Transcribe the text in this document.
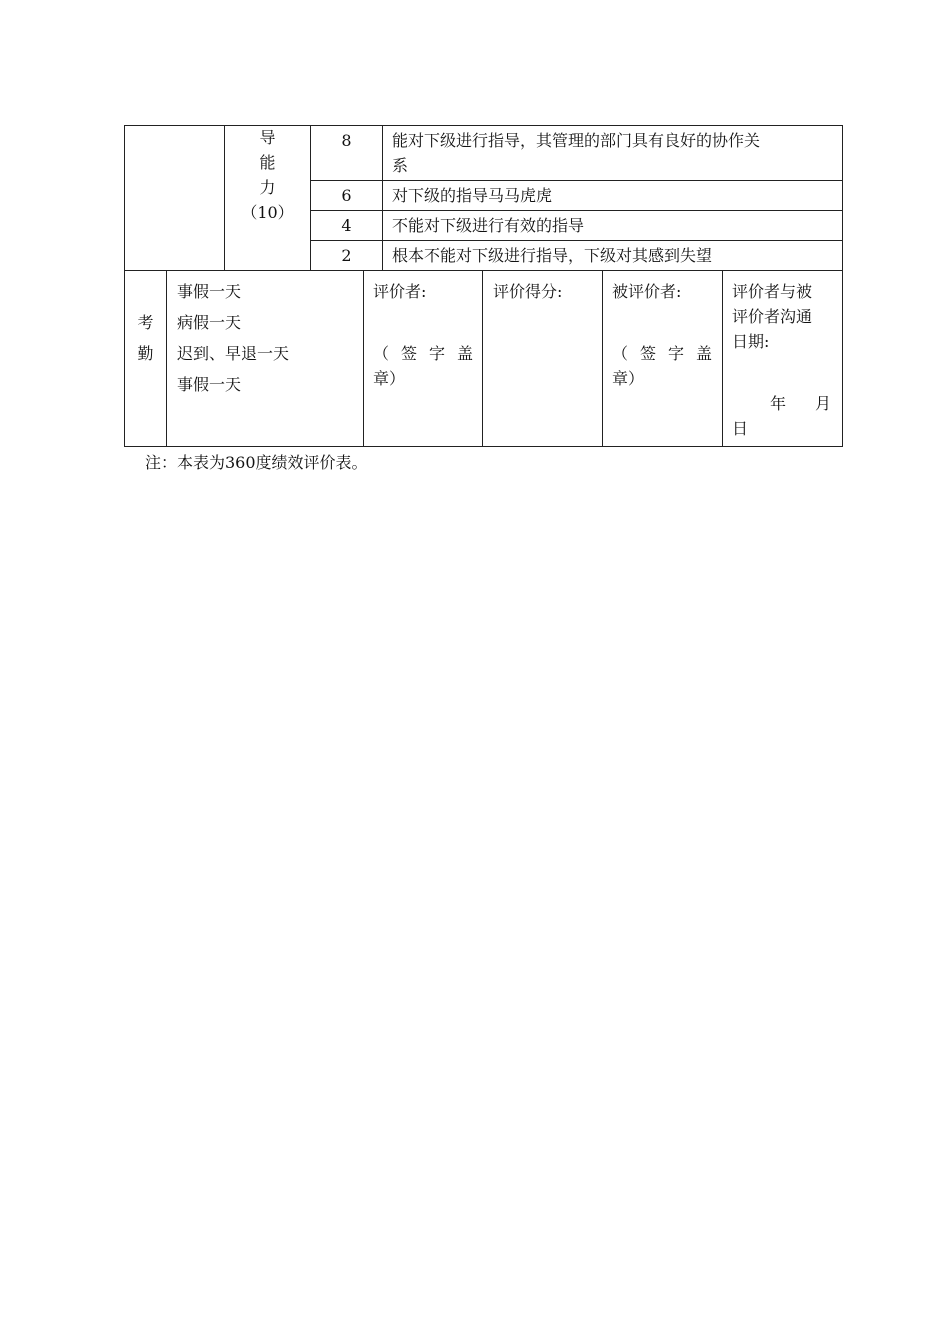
导
能
力
（10）
8
6
4
2
能对下级进行指导，其管理的部门具有良好的协作关
系
对下级的指导马马虎虎
不能对下级进行有效的指导
根本不能对下级进行指导，下级对其感到失望
考
勤
事假一天
病假一天
迟到、早退一天
事假一天
评价者:
（ 签 字 盖
章）
评价得分:	被评价者:
（ 签 字 盖
章）
评价者与被
评价者沟通
日期:
年 月
日
注：本表为360度绩效评价表。
